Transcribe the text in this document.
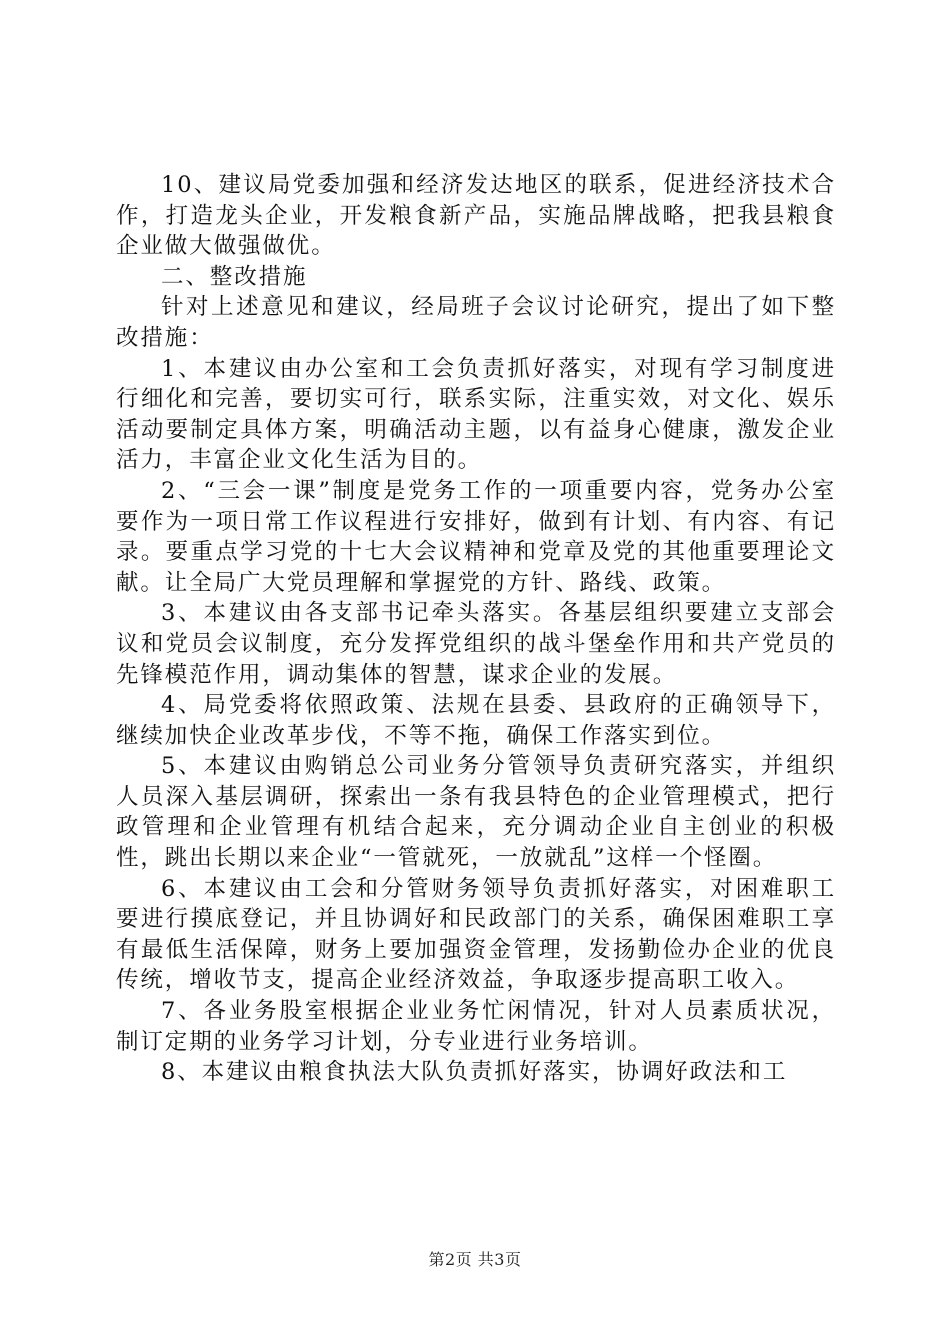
10、建议局党委加强和经济发达地区的联系，促进经济技术合作，打造龙头企业，开发粮食新产品，实施品牌战略，把我县粮食企业做大做强做优。

二、整改措施

针对上述意见和建议，经局班子会议讨论研究，提出了如下整改措施：

1、本建议由办公室和工会负责抓好落实，对现有学习制度进行细化和完善，要切实可行，联系实际，注重实效，对文化、娱乐活动要制定具体方案，明确活动主题，以有益身心健康，激发企业活力，丰富企业文化生活为目的。

2、“三会一课”制度是党务工作的一项重要内容，党务办公室要作为一项日常工作议程进行安排好，做到有计划、有内容、有记录。要重点学习党的十七大会议精神和党章及党的其他重要理论文献。让全局广大党员理解和掌握党的方针、路线、政策。

3、本建议由各支部书记牵头落实。各基层组织要建立支部会议和党员会议制度，充分发挥党组织的战斗堡垒作用和共产党员的先锋模范作用，调动集体的智慧，谋求企业的发展。

4、局党委将依照政策、法规在县委、县政府的正确领导下，继续加快企业改革步伐，不等不拖，确保工作落实到位。

5、本建议由购销总公司业务分管领导负责研究落实，并组织人员深入基层调研，探索出一条有我县特色的企业管理模式，把行政管理和企业管理有机结合起来，充分调动企业自主创业的积极性，跳出长期以来企业“一管就死，一放就乱”这样一个怪圈。

6、本建议由工会和分管财务领导负责抓好落实，对困难职工要进行摸底登记，并且协调好和民政部门的关系，确保困难职工享有最低生活保障，财务上要加强资金管理，发扬勤俭办企业的优良传统，增收节支，提高企业经济效益，争取逐步提高职工收入。

7、各业务股室根据企业业务忙闲情况，针对人员素质状况，制订定期的业务学习计划，分专业进行业务培训。

8、本建议由粮食执法大队负责抓好落实，协调好政法和工

第2页 共3页
